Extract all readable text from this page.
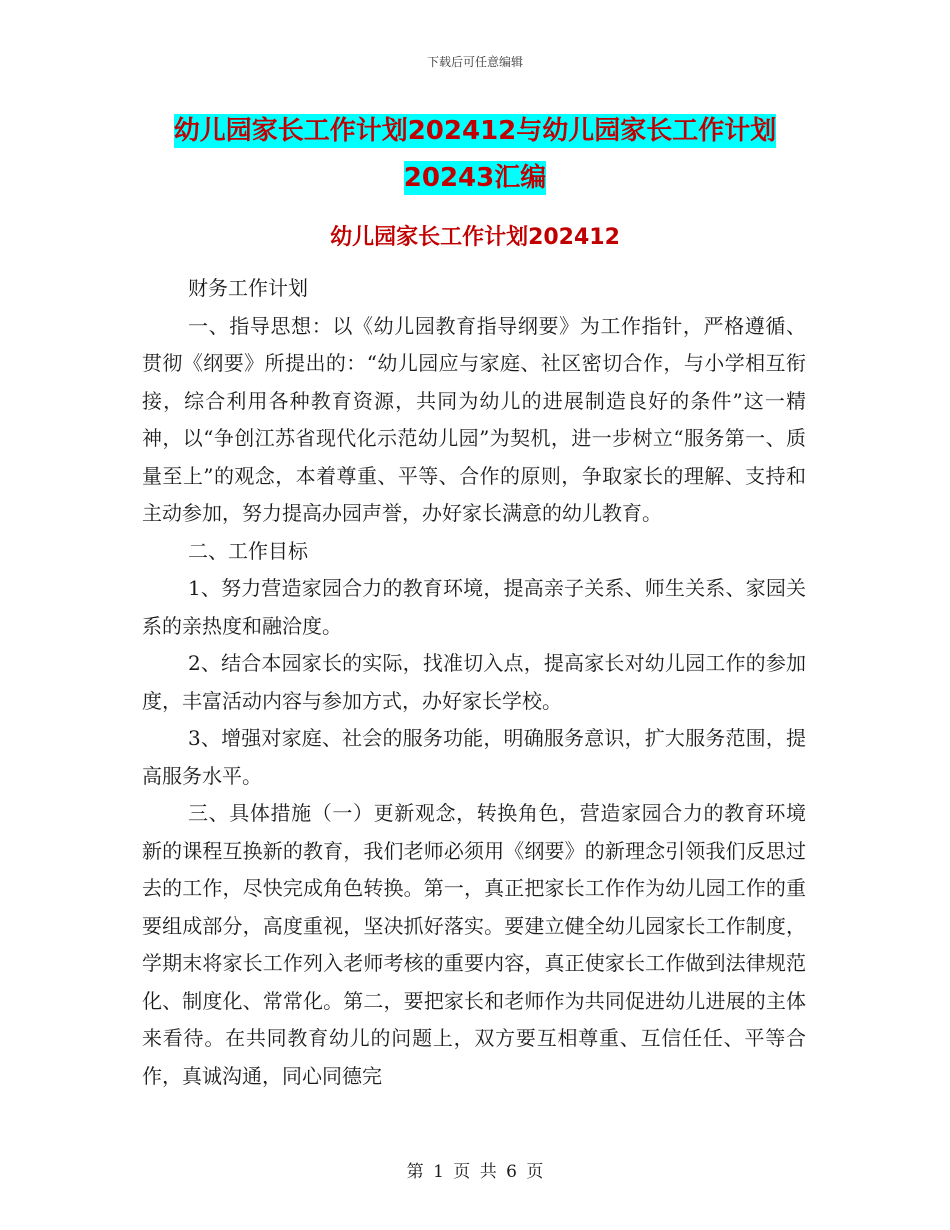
下载后可任意编辑
幼儿园家长工作计划202412与幼儿园家长工作计划20243汇编
幼儿园家长工作计划202412

财务工作计划

一、指导思想：以《幼儿园教育指导纲要》为工作指针，严格遵循、贯彻《纲要》所提出的：“幼儿园应与家庭、社区密切合作，与小学相互衔接，综合利用各种教育资源，共同为幼儿的进展制造良好的条件”这一精神，以“争创江苏省现代化示范幼儿园”为契机，进一步树立“服务第一、质量至上”的观念，本着尊重、平等、合作的原则，争取家长的理解、支持和主动参加，努力提高办园声誉，办好家长满意的幼儿教育。

二、工作目标

1、努力营造家园合力的教育环境，提高亲子关系、师生关系、家园关系的亲热度和融洽度。

2、结合本园家长的实际，找准切入点，提高家长对幼儿园工作的参加度，丰富活动内容与参加方式，办好家长学校。

3、增强对家庭、社会的服务功能，明确服务意识，扩大服务范围，提高服务水平。

三、具体措施（一）更新观念，转换角色，营造家园合力的教育环境新的课程互换新的教育，我们老师必须用《纲要》的新理念引领我们反思过去的工作，尽快完成角色转换。第一，真正把家长工作作为幼儿园工作的重要组成部分，高度重视，坚决抓好落实。要建立健全幼儿园家长工作制度，学期末将家长工作列入老师考核的重要内容，真正使家长工作做到法律规范化、制度化、常常化。第二，要把家长和老师作为共同促进幼儿进展的主体来看待。在共同教育幼儿的问题上，双方要互相尊重、互信任任、平等合作，真诚沟通，同心同德完

第 1 页 共 6 页
